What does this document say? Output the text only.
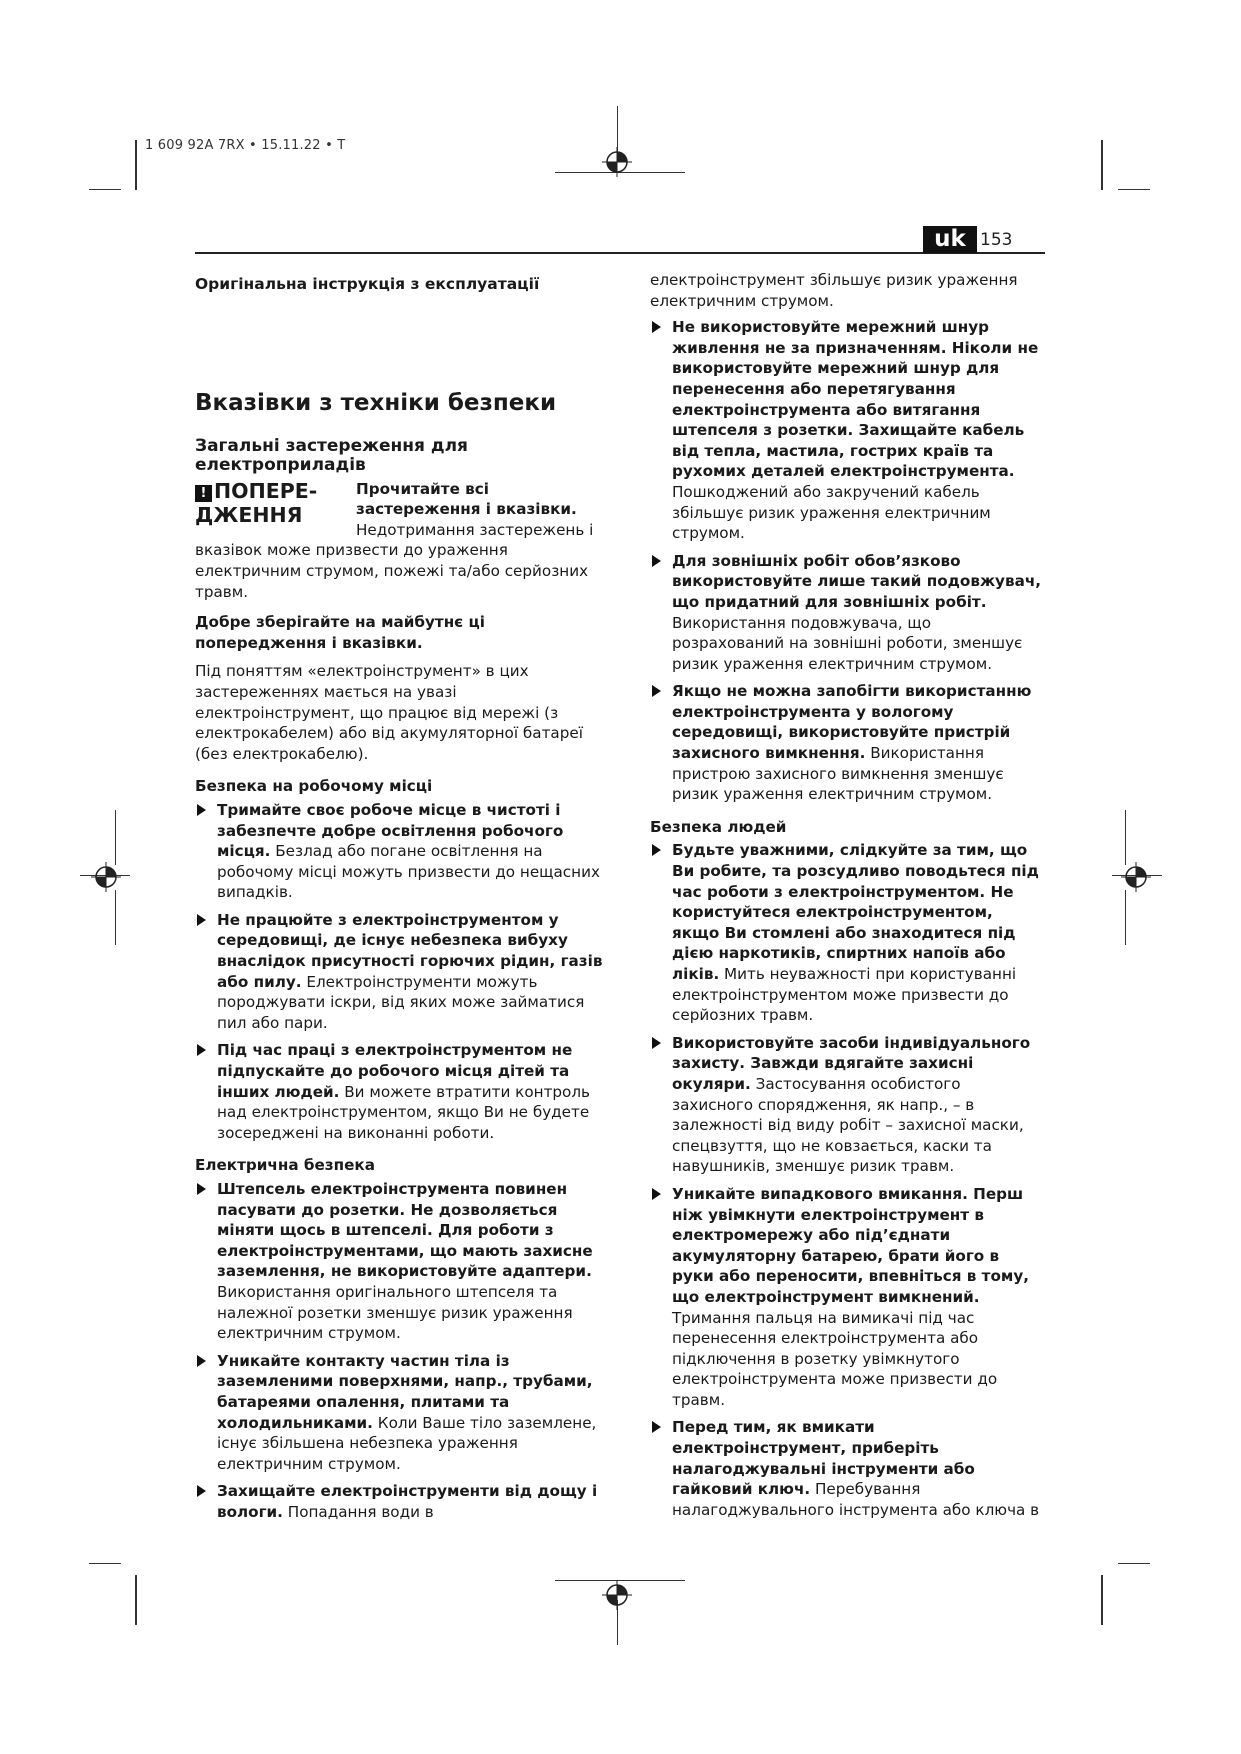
1 609 92A 7RX • 15.11.22 • T
uk 153

Оригінальна інструкція з експлуатації

Вказівки з техніки безпеки
Загальні застереження для електроприладів
! ПОПЕРЕ-ДЖЕННЯ

Прочитайте всі застереження і вказівки. Недотримання застережень і вказівок може призвести до ураження електричним струмом, пожежі та/або серйозних травм.

Добре зберігайте на майбутнє ці попередження і вказівки.

Під поняттям «електроінструмент» в цих застереженнях мається на увазі електроінструмент, що працює від мережі (з електрокабелем) або від акумуляторної батареї (без електрокабелю).

Безпека на робочому місці

Тримайте своє робоче місце в чистоті і забезпечте добре освітлення робочого місця. Безлад або погане освітлення на робочому місці можуть призвести до нещасних випадків.
Не працюйте з електроінструментом у середовищі, де існує небезпека вибуху внаслідок присутності горючих рідин, газів або пилу. Електроінструменти можуть породжувати іскри, від яких може займатися пил або пари.
Під час праці з електроінструментом не підпускайте до робочого місця дітей та інших людей. Ви можете втратити контроль над електроінструментом, якщо Ви не будете зосереджені на виконанні роботи.

Електрична безпека

Штепсель електроінструмента повинен пасувати до розетки. Не дозволяється міняти щось в штепселі. Для роботи з електроінструментами, що мають захисне заземлення, не використовуйте адаптери. Використання оригінального штепселя та належної розетки зменшує ризик ураження електричним струмом.
Уникайте контакту частин тіла із заземленими поверхнями, напр., трубами, батареями опалення, плитами та холодильниками. Коли Ваше тіло заземлене, існує збільшена небезпека ураження електричним струмом.
Захищайте електроінструменти від дощу і вологи. Попадання води в

електроінструмент збільшує ризик ураження електричним струмом.

Не використовуйте мережний шнур живлення не за призначенням. Ніколи не використовуйте мережний шнур для перенесення або перетягування електроінструмента або витягання штепселя з розетки. Захищайте кабель від тепла, мастила, гострих країв та рухомих деталей електроінструмента. Пошкоджений або закручений кабель збільшує ризик ураження електричним струмом.
Для зовнішніх робіт обов’язково використовуйте лише такий подовжувач, що придатний для зовнішніх робіт. Використання подовжувача, що розрахований на зовнішні роботи, зменшує ризик ураження електричним струмом.
Якщо не можна запобігти використанню електроінструмента у вологому середовищі, використовуйте пристрій захисного вимкнення. Використання пристрою захисного вимкнення зменшує ризик ураження електричним струмом.

Безпека людей

Будьте уважними, слідкуйте за тим, що Ви робите, та розсудливо поводьтеся під час роботи з електроінструментом. Не користуйтеся електроінструментом, якщо Ви стомлені або знаходитеся під дією наркотиків, спиртних напоїв або ліків. Мить неуважності при користуванні електроінструментом може призвести до серйозних травм.
Використовуйте засоби індивідуального захисту. Завжди вдягайте захисні окуляри. Застосування особистого захисного спорядження, як напр., – в залежності від виду робіт – захисної маски, спецвзуття, що не ковзається, каски та навушників, зменшує ризик травм.
Уникайте випадкового вмикання. Перш ніж увімкнути електроінструмент в електромережу або під’єднати акумуляторну батарею, брати його в руки або переносити, впевніться в тому, що електроінструмент вимкнений. Тримання пальця на вимикачі під час перенесення електроінструмента або підключення в розетку увімкнутого електроінструмента може призвести до травм.
Перед тим, як вмикати електроінструмент, приберіть налагоджувальні інструменти або гайковий ключ. Перебування налагоджувального інструмента або ключа в
